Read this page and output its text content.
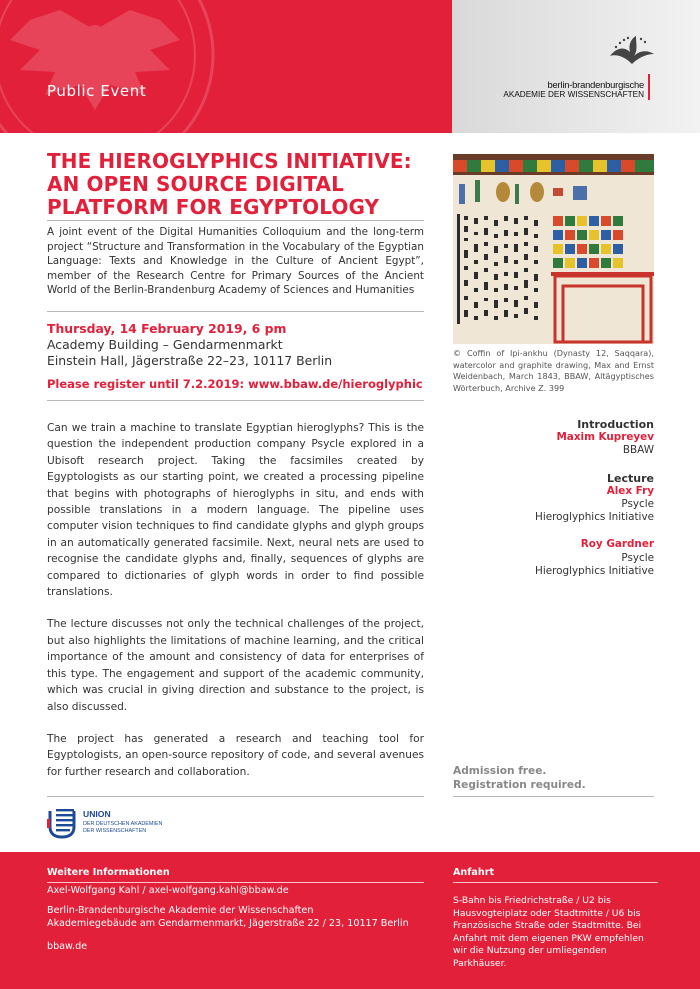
Public Event	berlin-brandenburgische
AKADEMIE DER WISSENSCHAFTEN
THE HIEROGLYPHICS INITIATIVE: AN OPEN SOURCE DIGITAL PLATFORM FOR EGYPTOLOGY
A joint event of the Digital Humanities Colloquium and the long-term project “Structure and Transformation in the Vocabulary of the Egyptian Language: Texts and Knowledge in the Culture of Ancient Egypt”, member of the Research Centre for Primary Sources of the Ancient World of the Berlin-Brandenburg Academy of Sciences and Humanities
Thursday, 14 February 2019, 6 pm
Academy Building – Gendarmenmarkt
Einstein Hall, Jägerstraße 22–23, 10117 Berlin
Please register until 7.2.2019: www.bbaw.de/hieroglyphic
© Coffin of Ipi-ankhu (Dynasty 12, Saqqara), watercolor and graphite drawing, Max and Ernst Weidenbach, March 1843, BBAW, Altägyptisches Wörterbuch, Archive Z. 399

Can we train a machine to translate Egyptian hieroglyphs? This is the question the independent production company Psycle explored in a Ubisoft research project. Taking the facsimiles created by Egyptologists as our starting point, we created a processing pipeline that begins with photographs of hieroglyphs in situ, and ends with possible translations in a modern language. The pipeline uses computer vision techniques to find candidate glyphs and glyph groups in an automatically generated facsimile. Next, neural nets are used to recognise the candidate glyphs and, finally, sequences of glyphs are compared to dictionaries of glyph words in order to find possible translations.

The lecture discusses not only the technical challenges of the project, but also highlights the limitations of machine learning, and the critical importance of the amount and consistency of data for enterprises of this type. The engagement and support of the academic community, which was crucial in giving direction and substance to the project, is also discussed.

The project has generated a research and teaching tool for Egyptologists, an open-source repository of code, and several avenues for further research and collaboration.

Introduction
Maxim Kupreyev
BBAW
Lecture
Alex Fry
Psycle
Hieroglyphics Initiative
Roy Gardner
Psycle
Hieroglyphics Initiative
Admission free.
Registration required.
UNION
DER DEUTSCHEN AKADEMIEN
DER WISSENSCHAFTEN
Weitere Informationen
Axel-Wolfgang Kahl / axel-wolfgang.kahl@bbaw.de
Berlin-Brandenburgische Akademie der Wissenschaften
Akademiegebäude am Gendarmenmarkt, Jägerstraße 22 / 23, 10117 Berlin
bbaw.de
Anfahrt
S-Bahn bis Friedrichstraße / U2 bis Hausvogteiplatz oder Stadtmitte / U6 bis Französische Straße oder Stadtmitte. Bei Anfahrt mit dem eigenen PKW empfehlen wir die Nutzung der umliegenden Parkhäuser.
